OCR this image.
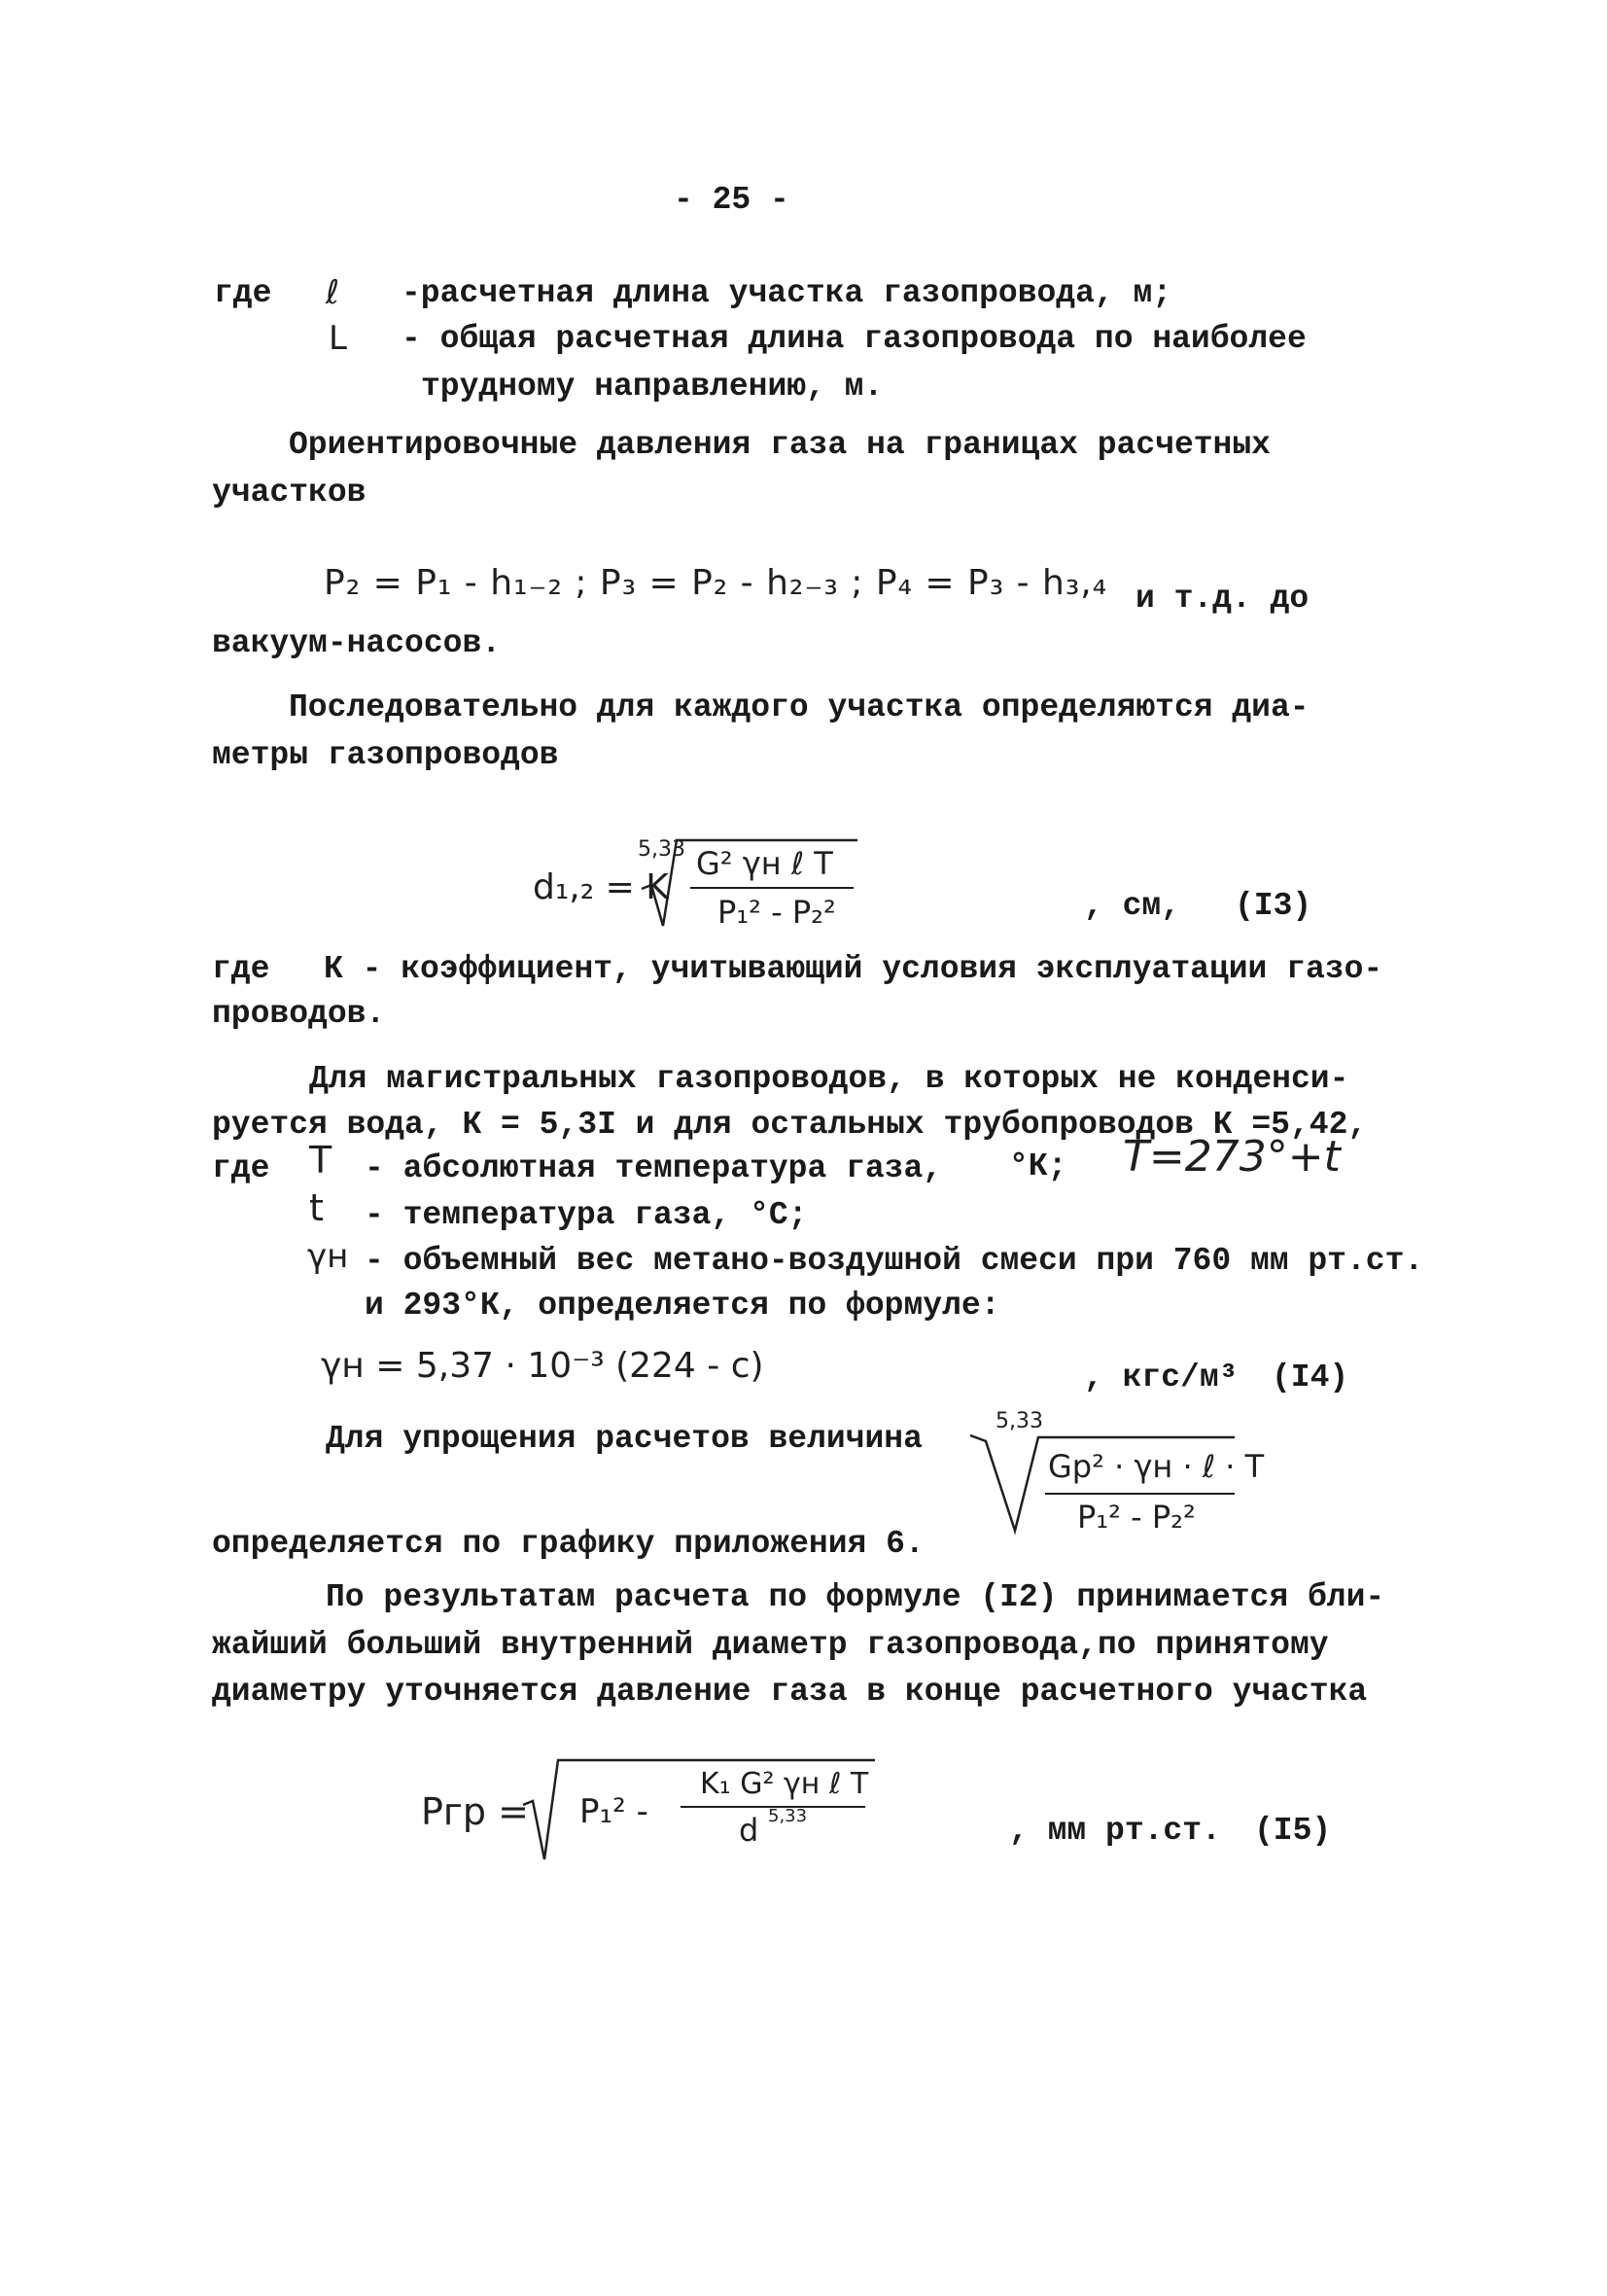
- 25 -
где ℓ -расчетная длина участка газопровода, м;
L - общая расчетная длина газопровода по наиболее
трудному направлению, м.
Ориентировочные давления газа на границах расчетных
участков
P₂ = P₁ - h₁₋₂ ; P₃ = P₂ - h₂₋₃ ; P₄ = P₃ - h₃,₄ и т.д. до
вакуум-насосов.
Последовательно для каждого участка определяются диа-
метры газопроводов
d₁,₂ = K
5,33 G² γн ℓ T
P₁² - P₂²	, см, (I3)
где К - коэффициент, учитывающий условия эксплуатации газо-
проводов.
Для магистральных газопроводов, в которых не конденси-
руется вода, К = 5,3I и для остальных трубопроводов К =5,42,
где T - абсолютная температура газа, °К; T=273°+t
t - температура газа, °С;
γн - объемный вес метано-воздушной смеси при 760 мм рт.ст.
и 293°К, определяется по формуле:
γн = 5,37 · 10⁻³ (224 - c)	, кгс/м³ (I4)
Для упрощения расчетов величина	5,33
Gp² · γн · ℓ · T
P₁² - P₂²
определяется по графику приложения 6.
По результатам расчета по формуле (I2) принимается бли-
жайший больший внутренний диаметр газопровода,по принятому
диаметру уточняется давление газа в конце расчетного участка
Pгр = P₁² -
K₁ G² γн ℓ T
d 5,33	, мм рт.ст. (I5)
